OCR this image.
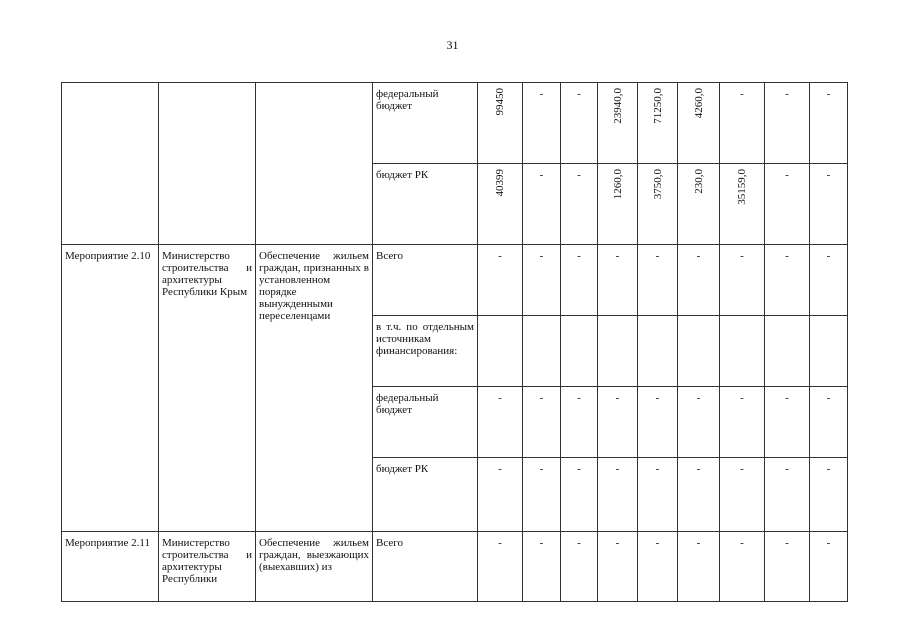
31
			федеральный бюджет	99450	-	-	23940,0	71250,0	4260,0	-	-	-
			бюджет РК	40399	-	-	1260,0	3750,0	230,0	35159,0	-	-
Мероприятие 2.10	Министерство строительства и архитектуры Республики Крым	Обеспечение жильем граждан, признанных в установленном порядке вынужденными переселенцами	Всего	-	-	-	-	-	-	-	-	-
			в т.ч. по отдельным источникам финансирования:									
			федеральный бюджет	-	-	-	-	-	-	-	-	-
			бюджет РК	-	-	-	-	-	-	-	-	-
Мероприятие 2.11	Министерство строительства и архитектуры Республики	Обеспечение жильем граждан, выезжающих (выехавших) из	Всего	-	-	-	-	-	-	-	-	-
